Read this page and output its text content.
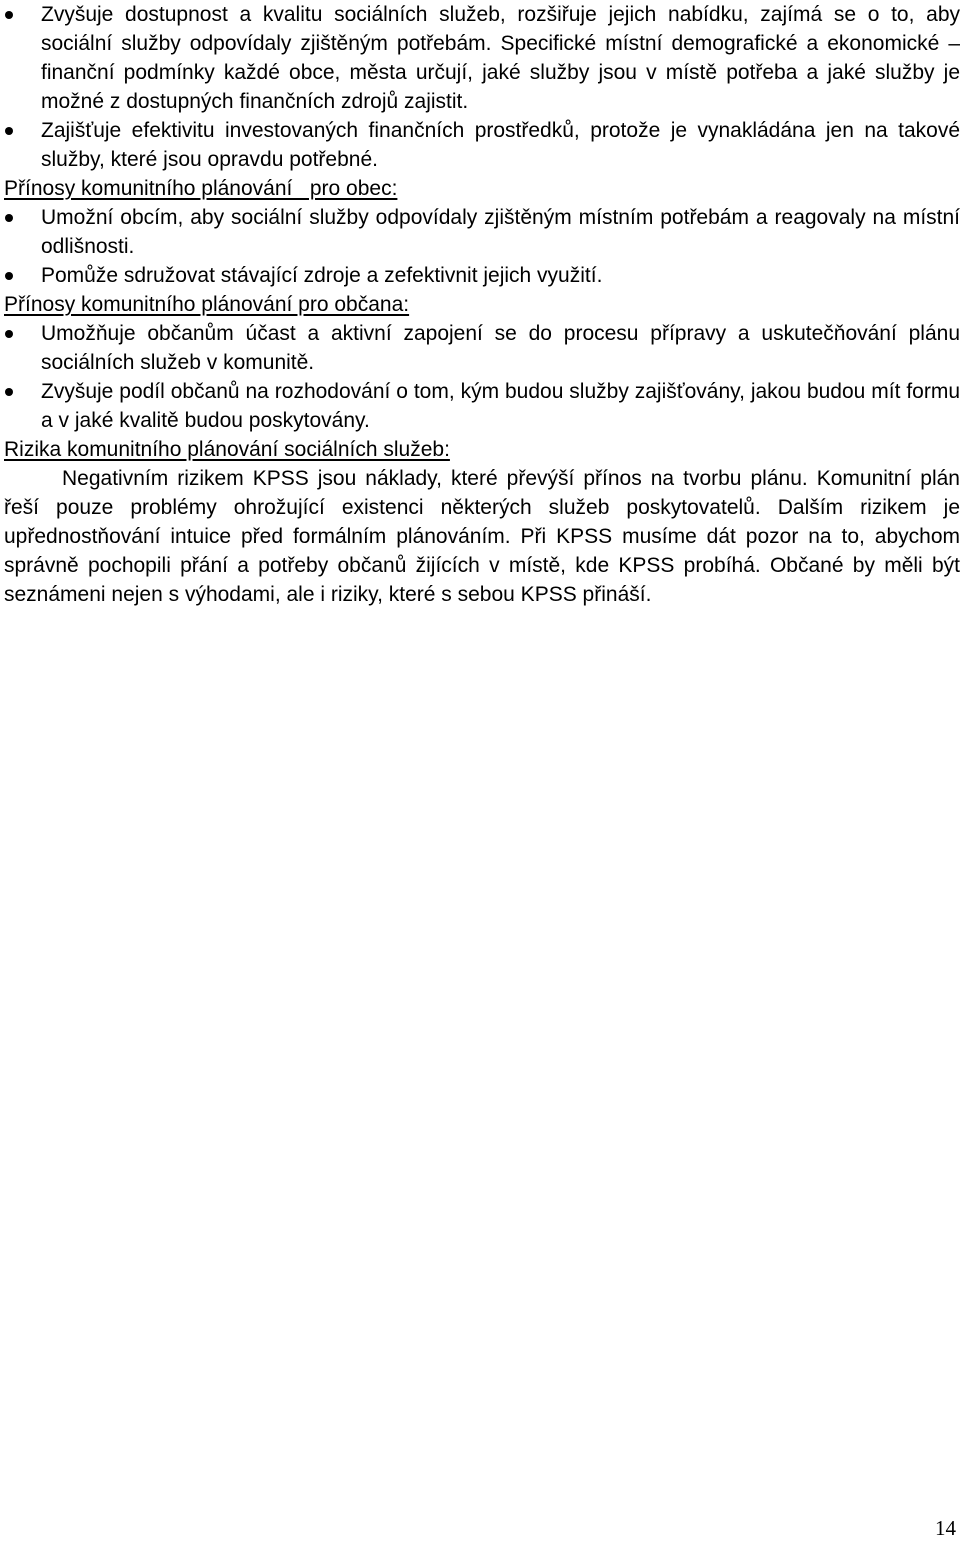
Zvyšuje dostupnost a kvalitu sociálních služeb, rozšiřuje jejich nabídku, zajímá se o to, aby sociální služby odpovídaly zjištěným potřebám. Specifické místní demografické a ekonomické – finanční podmínky každé obce, města určují, jaké služby jsou v místě potřeba a jaké služby je možné z dostupných finančních zdrojů zajistit.
Zajišťuje efektivitu investovaných finančních prostředků, protože je vynakládána jen na takové služby, které jsou opravdu potřebné.

Přínosy komunitního plánování   pro obec:

Umožní obcím, aby sociální služby odpovídaly zjištěným místním potřebám a reagovaly na místní odlišnosti.
Pomůže sdružovat stávající zdroje a zefektivnit jejich využití.

Přínosy komunitního plánování pro občana:

Umožňuje občanům účast a aktivní zapojení se do procesu přípravy a uskutečňování plánu sociálních služeb v komunitě.
Zvyšuje podíl občanů na rozhodování o tom, kým budou služby zajišťovány, jakou budou mít formu a v jaké kvalitě budou poskytovány.

Rizika komunitního plánování sociálních služeb:

Negativním rizikem KPSS jsou náklady, které převýší přínos na tvorbu plánu. Komunitní plán řeší pouze problémy ohrožující existenci některých služeb poskytovatelů. Dalším rizikem je upřednostňování intuice před formálním plánováním. Při KPSS musíme dát pozor na to, abychom správně pochopili přání a potřeby občanů žijících v místě, kde KPSS probíhá. Občané by měli být seznámeni nejen s výhodami, ale i riziky, které s sebou KPSS přináší.

14
